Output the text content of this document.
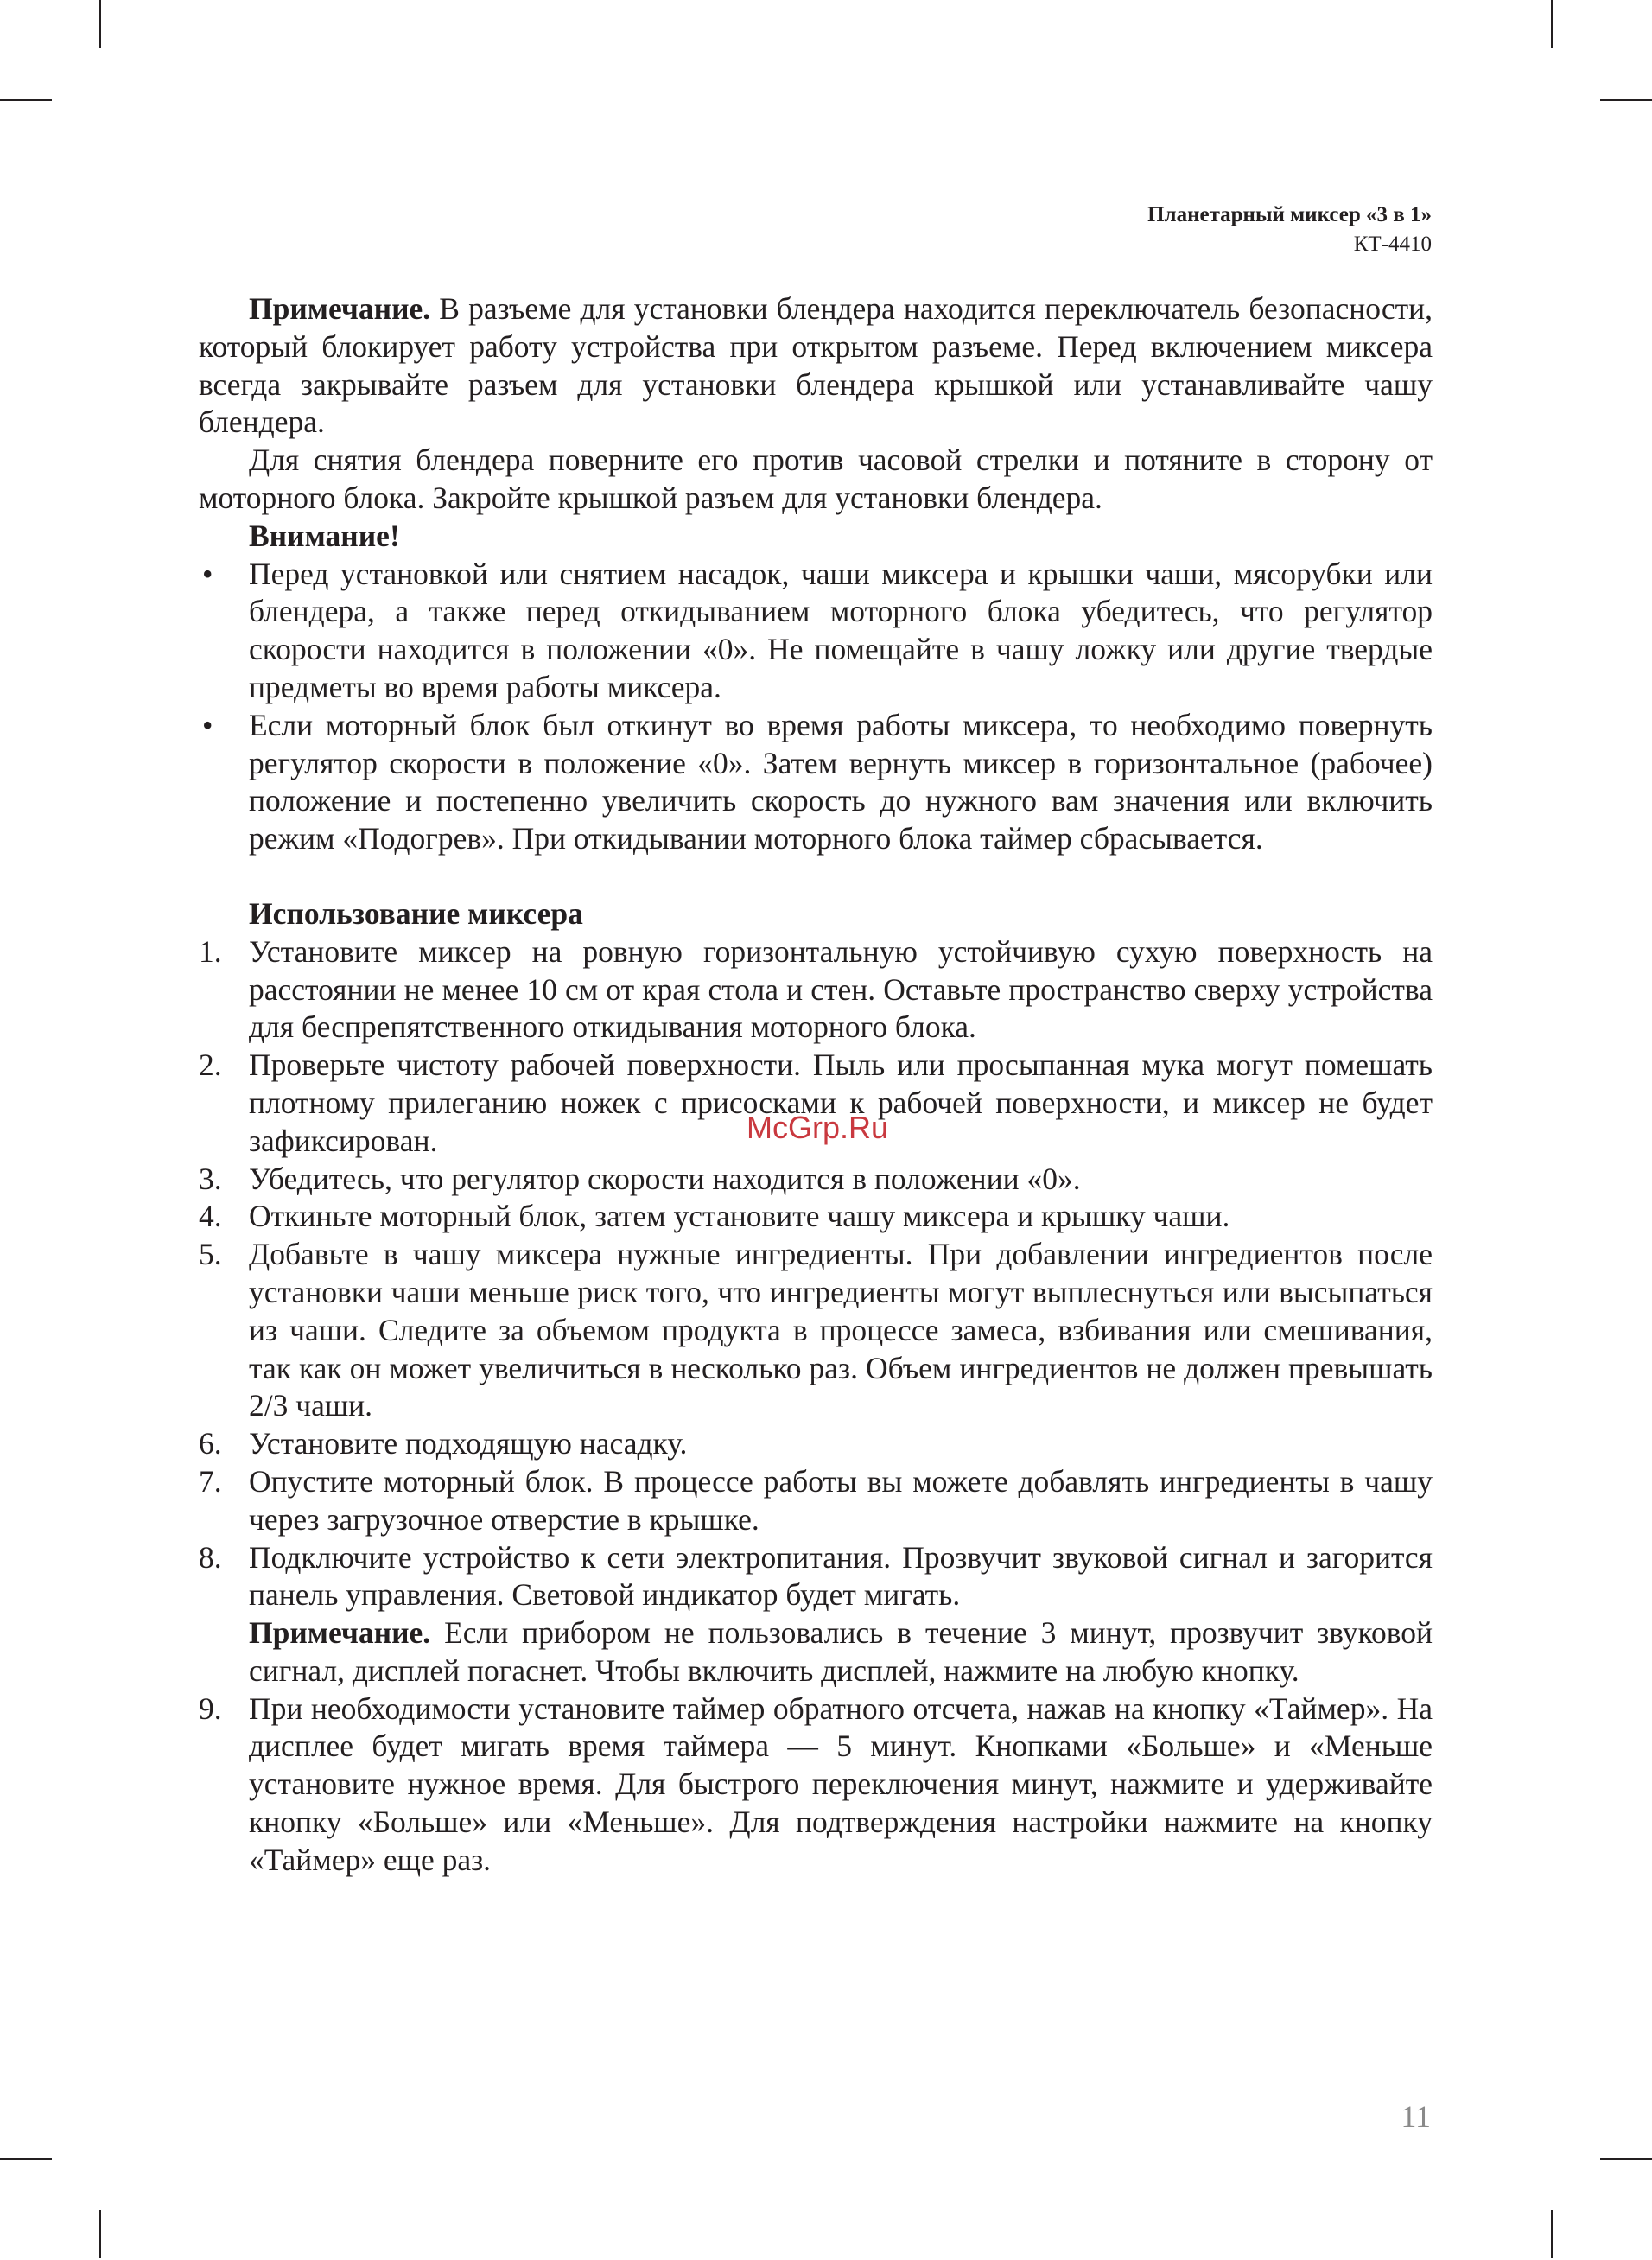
Планетарный миксер «3 в 1»
КТ-4410

Примечание. В разъеме для установки блендера находится переключатель безопасности, который блокирует работу устройства при открытом разъеме. Перед включением миксера всегда закрывайте разъем для установки блендера крышкой или устанавливайте чашу блендера.

Для снятия блендера поверните его против часовой стрелки и потяните в сторону от моторного блока. Закройте крышкой разъем для установки блендера.

Внимание!

• Перед установкой или снятием насадок, чаши миксера и крышки чаши, мясорубки или блендера, а также перед откидыванием моторного блока убедитесь, что регулятор скорости находится в положении «0». Не помещайте в чашу ложку или другие твердые предметы во время работы миксера.
• Если моторный блок был откинут во время работы миксера, то необходимо повернуть регулятор скорости в положение «0». Затем вернуть миксер в горизонтальное (рабочее) положение и постепенно увеличить скорость до нужного вам значения или включить режим «Подогрев». При откидывании моторного блока таймер сбрасывается.

Использование миксера

1. Установите миксер на ровную горизонтальную устойчивую сухую поверхность на расстоянии не менее 10 см от края стола и стен. Оставьте пространство сверху устройства для беспрепятственного откидывания моторного блока.
2. Проверьте чистоту рабочей поверхности. Пыль или просыпанная мука могут помешать плотному прилеганию ножек с присосками к рабочей поверхности, и миксер не будет зафиксирован.
3. Убедитесь, что регулятор скорости находится в положении «0».
4. Откиньте моторный блок, затем установите чашу миксера и крышку чаши.
5. Добавьте в чашу миксера нужные ингредиенты. При добавлении ингредиентов после установки чаши меньше риск того, что ингредиенты могут выплеснуться или высыпаться из чаши. Следите за объемом продукта в процессе замеса, взбивания или смешивания, так как он может увеличиться в несколько раз. Объем ингредиентов не должен превышать 2/3 чаши.
6. Установите подходящую насадку.
7. Опустите моторный блок. В процессе работы вы можете добавлять ингредиенты в чашу через загрузочное отверстие в крышке.
8. Подключите устройство к сети электропитания. Прозвучит звуковой сигнал и загорится панель управления. Световой индикатор будет мигать.
Примечание. Если прибором не пользовались в течение 3 минут, прозвучит звуковой сигнал, дисплей погаснет. Чтобы включить дисплей, нажмите на любую кнопку.
9. При необходимости установите таймер обратного отсчета, нажав на кнопку «Таймер». На дисплее будет мигать время таймера — 5 минут. Кнопками «Больше» и «Меньше установите нужное время. Для быстрого переключения минут, нажмите и удерживайте кнопку «Больше» или «Меньше». Для подтверждения настройки нажмите на кнопку «Таймер» еще раз.
McGrp.Ru
11
